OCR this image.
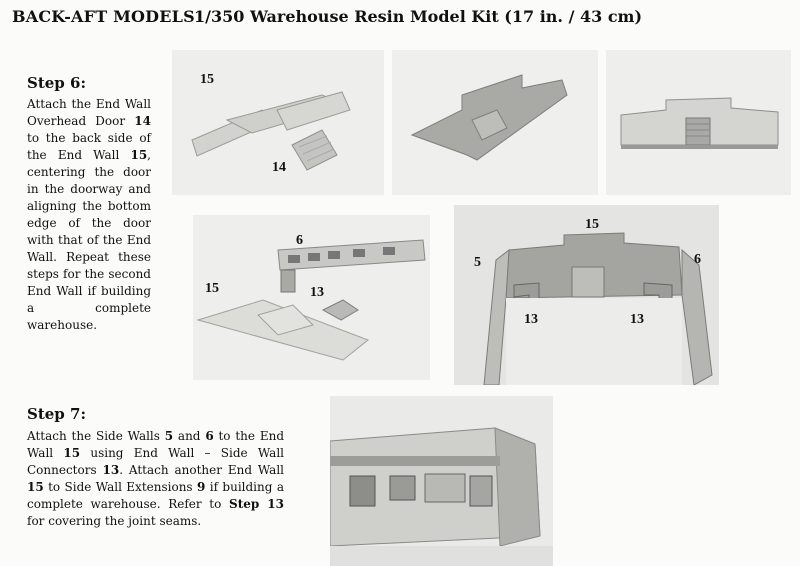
BACK-AFT MODELS 1/350 Warehouse Resin Model Kit (17 in. / 43 cm)
Step 6:
Attach the End Wall Overhead Door 14 to the back side of the End Wall 15, centering the door in the doorway and aligning the bottom edge of the door with that of the End Wall. Repeat these steps for the second End Wall if building a complete warehouse.
15
14
6
15	13
15
5	6
13	13
Step 7:
Attach the Side Walls 5 and 6 to the End Wall 15 using End Wall – Side Wall Connectors 13. Attach another End Wall 15 to Side Wall Extensions 9 if building a complete warehouse. Refer to Step 13 for covering the joint seams.
